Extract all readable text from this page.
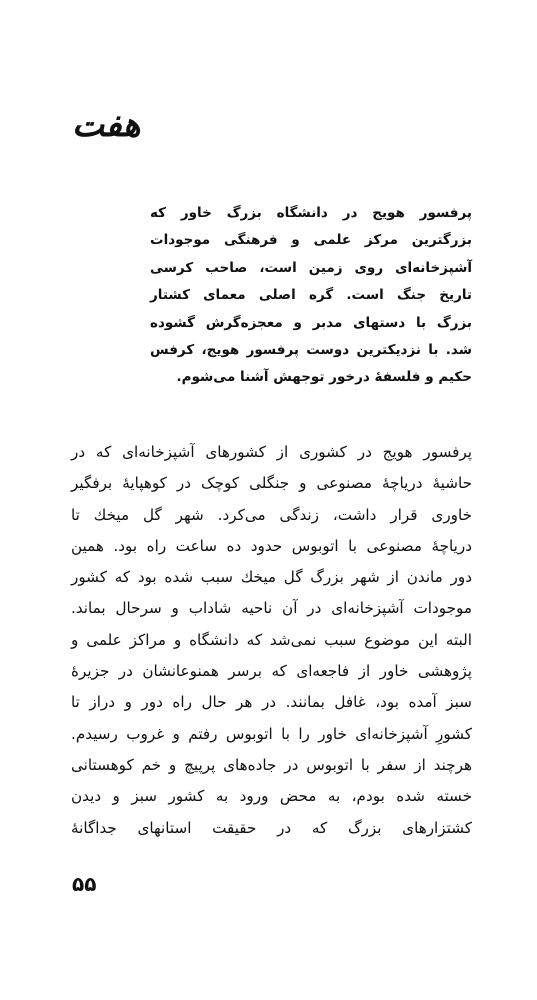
هفت
پرفسور هویج در دانشگاه بزرگ خاور که
بزرگترین مرکز علمی و فرهنگی موجودات
آشپزخانه‌ای روی زمین است، صاحب کرسی
تاریخ جنگ است. گره اصلی معمای کشتار
بزرگ با دستهای مدبر و معجزه‌گرش گشوده
شد. با نزدیکترین دوست پرفسور هویج، کرفس
حکیم و فلسفهٔ درخور توجهش آشنا می‌شوم.
پرفسور هویج در کشوری از کشورهای آشپزخانه‌ای که در
حاشیهٔ دریاچهٔ مصنوعی و جنگلی کوچک در کوهپایهٔ برفگیر
خاوری قرار داشت، زندگی می‌کرد. شهر گل میخك تا
دریاچهٔ مصنوعی با اتوبوس حدود ده ساعت راه بود. همین
دور ماندن از شهر بزرگ گل میخك سبب شده بود که کشور
موجودات آشپزخانه‌ای در آن ناحیه شاداب و سرحال بماند.
البته این موضوع سبب نمی‌شد که دانشگاه و مراکز علمی و
پژوهشی خاور از فاجعه‌ای که برسر همنوعانشان در جزیرهٔ
سبز آمده بود، غافل بمانند. در هر حال راه دور و دراز تا
کشورِ آشپزخانه‌ای خاور را با اتوبوس رفتم و غروب رسیدم.
هرچند از سفر با اتوبوس در جاده‌های پرپیچ و خم کوهستانی
خسته شده بودم، به محض ورود به کشور سبز و دیدن
کشتزارهای بزرگ که در حقیقت استانهای جداگانهٔ
۵۵
